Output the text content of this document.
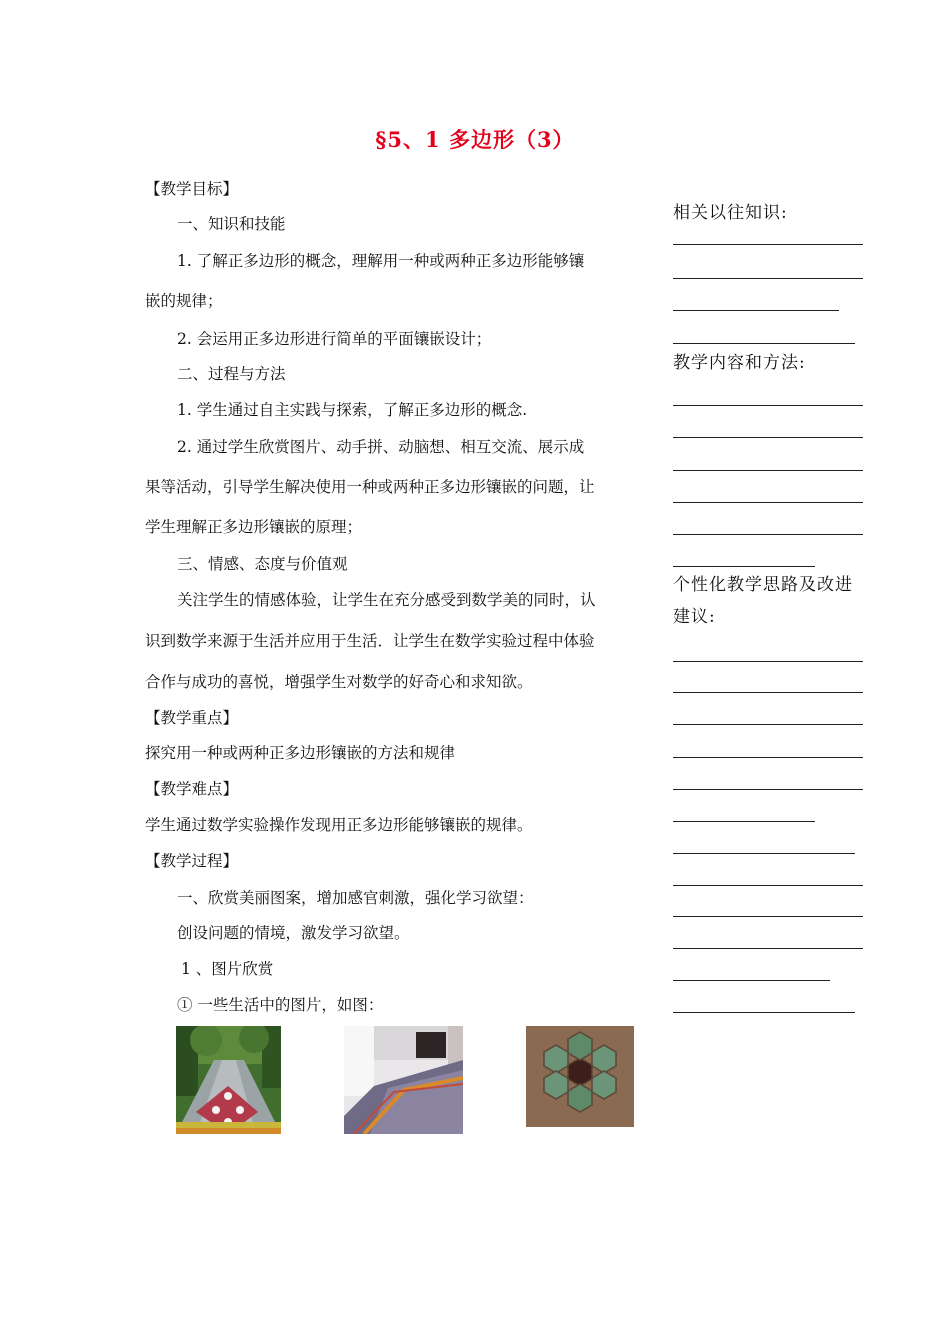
§5、1 多边形（3）
【教学目标】
一、知识和技能
1. 了解正多边形的概念，理解用一种或两种正多边形能够镶
嵌的规律；
2. 会运用正多边形进行简单的平面镶嵌设计；
二、过程与方法
1. 学生通过自主实践与探索，了解正多边形的概念.
2. 通过学生欣赏图片、动手拼、动脑想、相互交流、展示成
果等活动，引导学生解决使用一种或两种正多边形镶嵌的问题，让
学生理解正多边形镶嵌的原理；
三、情感、态度与价值观
关注学生的情感体验，让学生在充分感受到数学美的同时，认
识到数学来源于生活并应用于生活．让学生在数学实验过程中体验
合作与成功的喜悦，增强学生对数学的好奇心和求知欲。
【教学重点】
探究用一种或两种正多边形镶嵌的方法和规律
【教学难点】
学生通过数学实验操作发现用正多边形能够镶嵌的规律。
【教学过程】
一、欣赏美丽图案，增加感官刺激，强化学习欲望：
创设问题的情境，激发学习欲望。
1 、图片欣赏
① 一些生活中的图片，如图：
相关以往知识:
教学内容和方法:
个性化教学思路及改进
建议:
